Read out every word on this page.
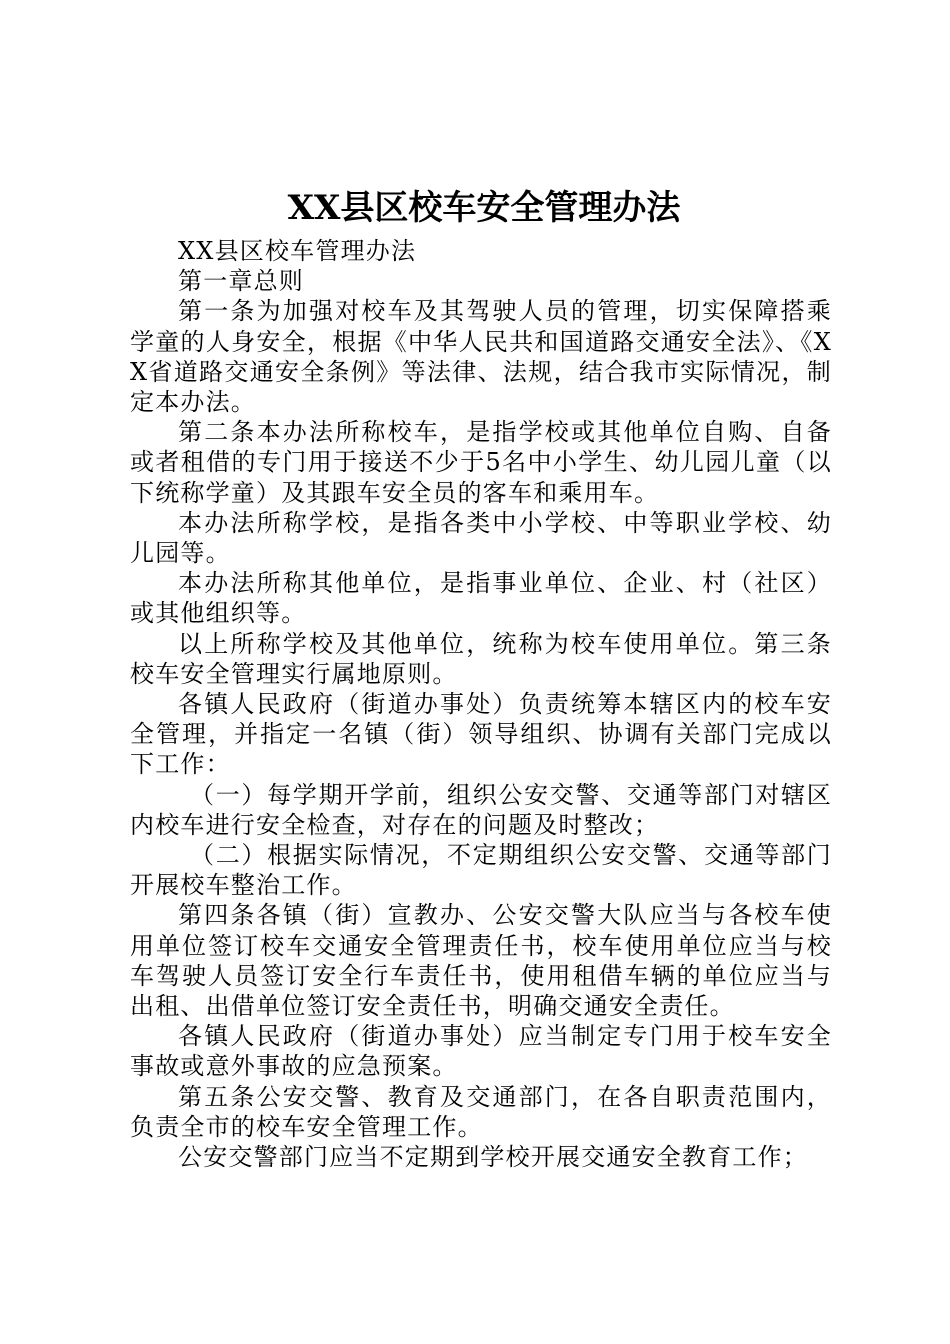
XX县区校车安全管理办法

XX县区校车管理办法

第一章总则

第一条为加强对校车及其驾驶人员的管理，切实保障搭乘学童的人身安全，根据《中华人民共和国道路交通安全法》、《XX省道路交通安全条例》等法律、法规，结合我市实际情况，制定本办法。

第二条本办法所称校车，是指学校或其他单位自购、自备或者租借的专门用于接送不少于5名中小学生、幼儿园儿童（以下统称学童）及其跟车安全员的客车和乘用车。

本办法所称学校，是指各类中小学校、中等职业学校、幼儿园等。

本办法所称其他单位，是指事业单位、企业、村（社区）或其他组织等。

以上所称学校及其他单位，统称为校车使用单位。第三条校车安全管理实行属地原则。

各镇人民政府（街道办事处）负责统筹本辖区内的校车安全管理，并指定一名镇（街）领导组织、协调有关部门完成以下工作：

（一）每学期开学前，组织公安交警、交通等部门对辖区内校车进行安全检查，对存在的问题及时整改；

（二）根据实际情况，不定期组织公安交警、交通等部门开展校车整治工作。

第四条各镇（街）宣教办、公安交警大队应当与各校车使用单位签订校车交通安全管理责任书，校车使用单位应当与校车驾驶人员签订安全行车责任书，使用租借车辆的单位应当与出租、出借单位签订安全责任书，明确交通安全责任。

各镇人民政府（街道办事处）应当制定专门用于校车安全事故或意外事故的应急预案。

第五条公安交警、教育及交通部门，在各自职责范围内，负责全市的校车安全管理工作。

公安交警部门应当不定期到学校开展交通安全教育工作；
